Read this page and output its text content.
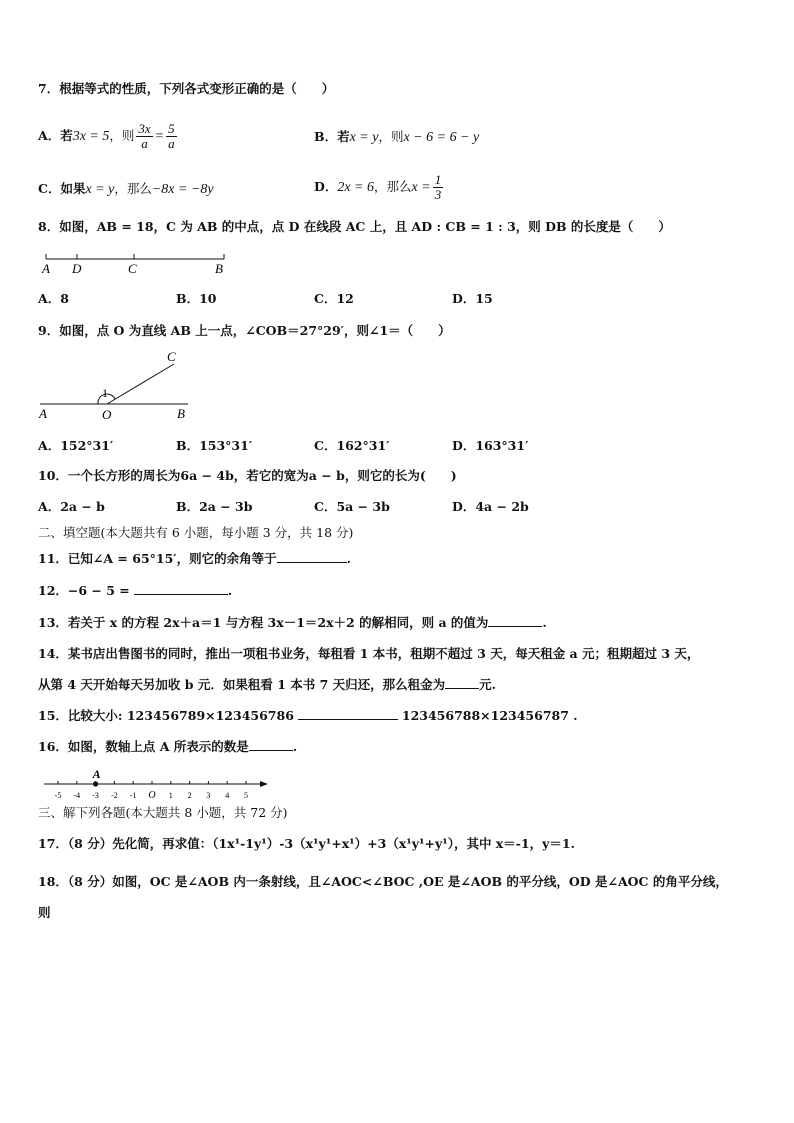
7．根据等式的性质，下列各式变形正确的是（　　）
A．若3x = 5，则 $\frac{3x}{a} = \frac{5}{a}$	B．若x = y，则x − 6 = 6 − y
C．如果x = y，那么−8x = −8y	D．2x = 6，那么$x = \frac{1}{3}$
8．如图，AB = 18，C 为 AB 的中点，点 D 在线段 AC 上，且 AD : CB = 1 : 3，则 DB 的长度是（　　）
A D	C	B
A．8	B．10	C．12	D．15
9．如图，点 O 为直线 AB 上一点，∠COB＝27°29′，则∠1＝（　　）
C
1
A	O	B
A．152°31′	B．153°31′	C．162°31′	D．163°31′
10．一个长方形的周长为6a − 4b，若它的宽为a − b，则它的长为(　　)
A．2a − b	B．2a − 3b	C．5a − 3b	D．4a − 2b
二、填空题(本大题共有 6 小题，每小题 3 分，共 18 分)
11．已知∠A = 65°15′，则它的余角等于	.
12．−6 − 5 =	.
13．若关于 x 的方程 2x＋a＝1 与方程 3x－1＝2x＋2 的解相同，则 a 的值为	.
14．某书店出售图书的同时，推出一项租书业务，每租看 1 本书，租期不超过 3 天，每天租金 a 元；租期超过 3 天，
从第 4 天开始每天另加收 b 元．如果租看 1 本书 7 天归还，那么租金为	元.
15．比较大小: 123456789×123456786	123456788×123456787 .
16．如图，数轴上点 A 所表示的数是	.
-5 -4 -3 -2 -1 O 1 2 3 4 5
A
三、解下列各题(本大题共 8 小题，共 72 分)
17．（8 分）先化简，再求值：（1x¹-1y¹）-3（x¹y¹+x¹）+3（x¹y¹+y¹），其中 x＝-1，y＝1.
18．（8 分）如图，OC 是∠AOB 内一条射线，且∠AOC<∠BOC ,OE 是∠AOB 的平分线，OD 是∠AOC 的角平分线，
则
